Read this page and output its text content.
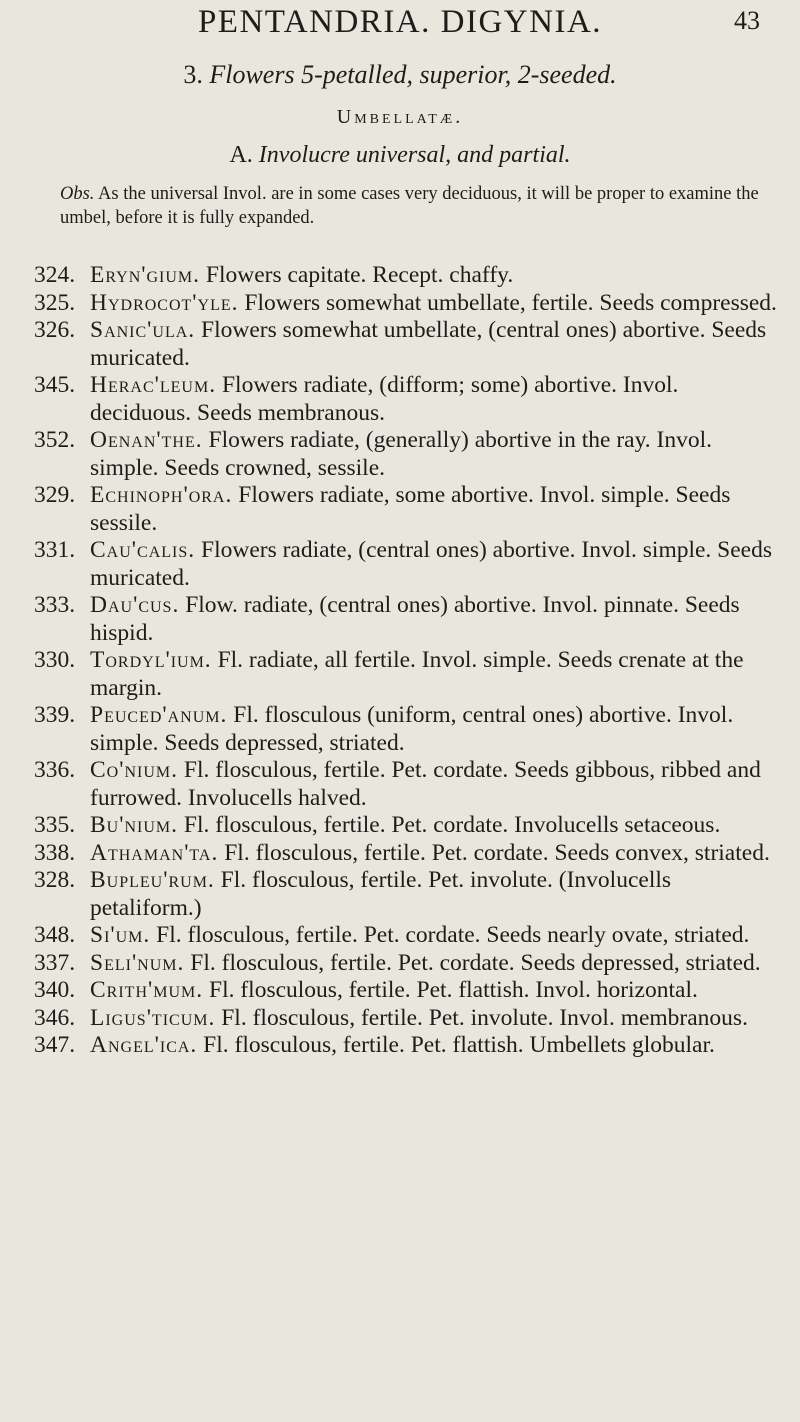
PENTANDRIA. DIGYNIA.	43
3. Flowers 5-petalled, superior, 2-seeded.
Umbellatæ.
A. Involucre universal, and partial.
Obs. As the universal Invol. are in some cases very deciduous, it will be proper to examine the umbel, before it is fully expanded.
324. Eryn'gium. Flowers capitate. Recept. chaffy.
325. Hydrocot'yle. Flowers somewhat umbellate, fertile. Seeds compressed.
326. Sanic'ula. Flowers somewhat umbellate, (central ones) abortive. Seeds muricated.
345. Herac'leum. Flowers radiate, (difform; some) abortive. Invol. deciduous. Seeds membranous.
352. Oenan'the. Flowers radiate, (generally) abortive in the ray. Invol. simple. Seeds crowned, sessile.
329. Echinoph'ora. Flowers radiate, some abortive. Invol. simple. Seeds sessile.
331. Cau'calis. Flowers radiate, (central ones) abortive. Invol. simple. Seeds muricated.
333. Dau'cus. Flow. radiate, (central ones) abortive. Invol. pinnate. Seeds hispid.
330. Tordyl'ium. Fl. radiate, all fertile. Invol. simple. Seeds crenate at the margin.
339. Peuced'anum. Fl. flosculous (uniform, central ones) abortive. Invol. simple. Seeds depressed, striated.
336. Co'nium. Fl. flosculous, fertile. Pet. cordate. Seeds gibbous, ribbed and furrowed. Involucells halved.
335. Bu'nium. Fl. flosculous, fertile. Pet. cordate. Involucells setaceous.
338. Athaman'ta. Fl. flosculous, fertile. Pet. cordate. Seeds convex, striated.
328. Bupleu'rum. Fl. flosculous, fertile. Pet. involute. (Involucells petaliform.)
348. Si'um. Fl. flosculous, fertile. Pet. cordate. Seeds nearly ovate, striated.
337. Seli'num. Fl. flosculous, fertile. Pet. cordate. Seeds depressed, striated.
340. Crith'mum. Fl. flosculous, fertile. Pet. flattish. Invol. horizontal.
346. Ligus'ticum. Fl. flosculous, fertile. Pet. involute. Invol. membranous.
347. Angel'ica. Fl. flosculous, fertile. Pet. flattish. Umbellets globular.
